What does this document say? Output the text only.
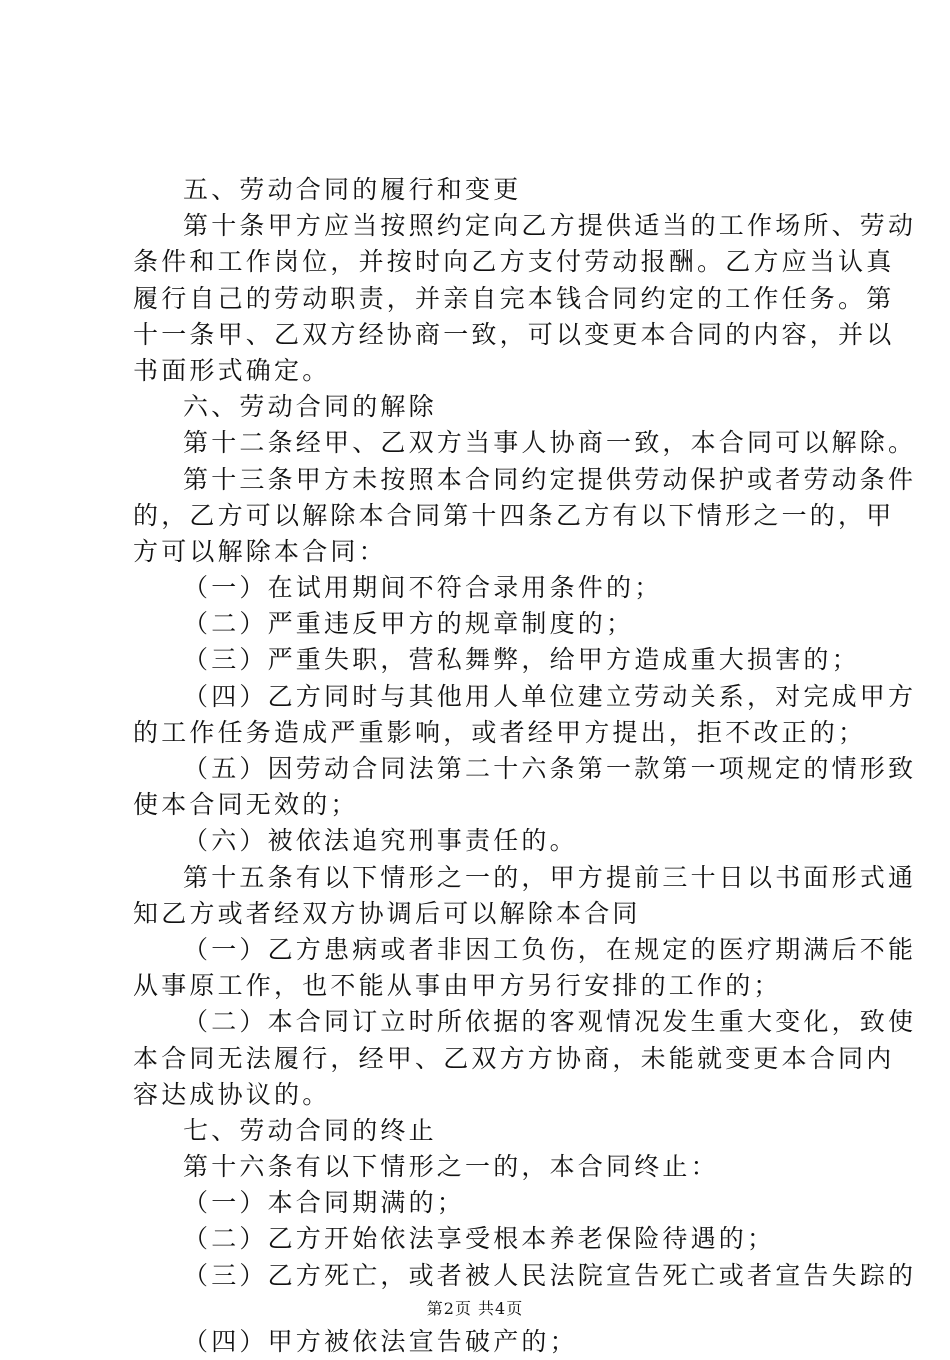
五、劳动合同的履行和变更
第十条甲方应当按照约定向乙方提供适当的工作场所、劳动
条件和工作岗位，并按时向乙方支付劳动报酬。乙方应当认真
履行自己的劳动职责，并亲自完本钱合同约定的工作任务。第
十一条甲、乙双方经协商一致，可以变更本合同的内容，并以
书面形式确定。
六、劳动合同的解除
第十二条经甲、乙双方当事人协商一致，本合同可以解除。
第十三条甲方未按照本合同约定提供劳动保护或者劳动条件
的，乙方可以解除本合同第十四条乙方有以下情形之一的，甲
方可以解除本合同：
（一）在试用期间不符合录用条件的；
（二）严重违反甲方的规章制度的；
（三）严重失职，营私舞弊，给甲方造成重大损害的；
（四）乙方同时与其他用人单位建立劳动关系，对完成甲方
的工作任务造成严重影响，或者经甲方提出，拒不改正的；
（五）因劳动合同法第二十六条第一款第一项规定的情形致
使本合同无效的；
（六）被依法追究刑事责任的。
第十五条有以下情形之一的，甲方提前三十日以书面形式通
知乙方或者经双方协调后可以解除本合同
（一）乙方患病或者非因工负伤，在规定的医疗期满后不能
从事原工作，也不能从事由甲方另行安排的工作的；
（二）本合同订立时所依据的客观情况发生重大变化，致使
本合同无法履行，经甲、乙双方方协商，未能就变更本合同内
容达成协议的。
七、劳动合同的终止
第十六条有以下情形之一的，本合同终止：
（一）本合同期满的；
（二）乙方开始依法享受根本养老保险待遇的；
（三）乙方死亡，或者被人民法院宣告死亡或者宣告失踪的
（四）甲方被依法宣告破产的；
第2页 共4页
